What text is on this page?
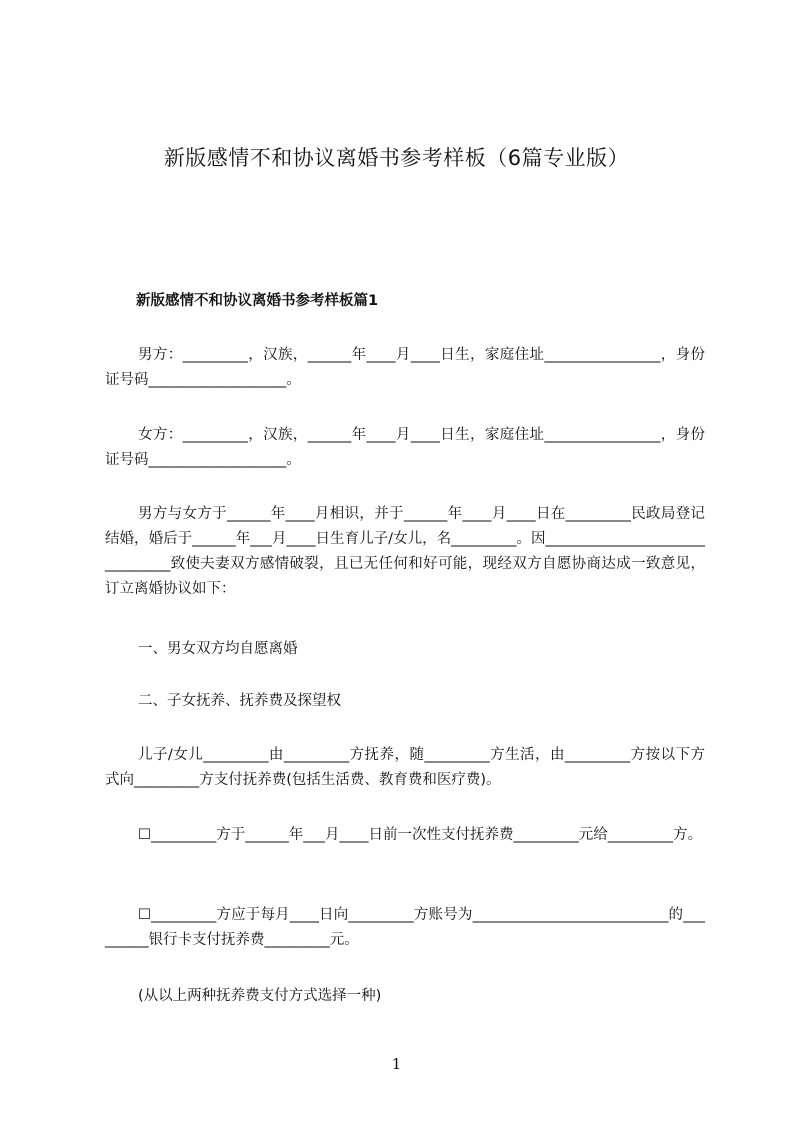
新版感情不和协议离婚书参考样板（6篇专业版）
新版感情不和协议离婚书参考样板篇1
男方：_________，汉族，______年____月____日生，家庭住址________________，身份证号码___________________。
女方：_________，汉族，______年____月____日生，家庭住址________________，身份证号码___________________。
男方与女方于______年____月相识，并于______年____月____日在_________民政局登记结婚，婚后于______年___月____日生育儿子/女儿，名_________。因_______________________________致使夫妻双方感情破裂，且已无任何和好可能，现经双方自愿协商达成一致意见，订立离婚协议如下：
一、男女双方均自愿离婚
二、子女抚养、抚养费及探望权
儿子/女儿_________由_________方抚养，随_________方生活，由_________方按以下方式向_________方支付抚养费(包括生活费、教育费和医疗费)。
☐_________方于______年___月____日前一次性支付抚养费_________元给_________方。
☐_________方应于每月____日向_________方账号为___________________________的_________银行卡支付抚养费_________元。
(从以上两种抚养费支付方式选择一种)
1
